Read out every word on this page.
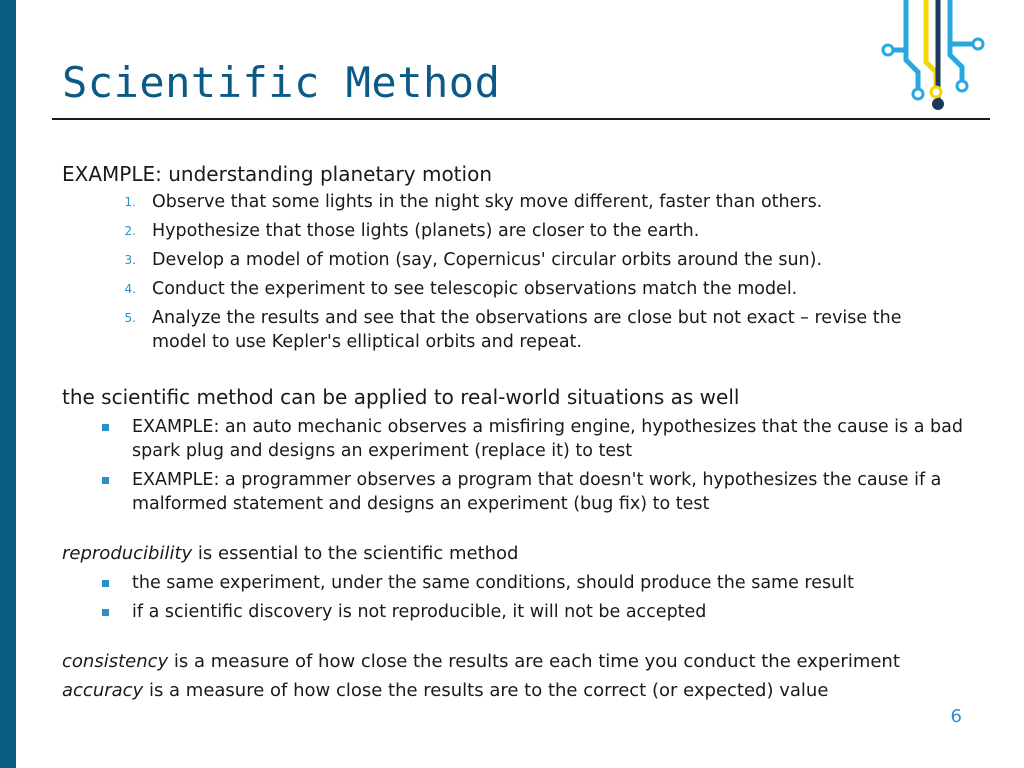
Scientific Method
EXAMPLE: understanding planetary motion
1. Observe that some lights in the night sky move different, faster than others.
2. Hypothesize that those lights (planets) are closer to the earth.
3. Develop a model of motion (say, Copernicus' circular orbits around the sun).
4. Conduct the experiment to see telescopic observations match the model.
5. Analyze the results and see that the observations are close but not exact – revise the model to use Kepler's elliptical orbits and repeat.
the scientific method can be applied to real-world situations as well
EXAMPLE: an auto mechanic observes a misfiring engine, hypothesizes that the cause is a bad spark plug and designs an experiment (replace it) to test
EXAMPLE: a programmer observes a program that doesn't work, hypothesizes the cause if a malformed statement and designs an experiment (bug fix) to test
reproducibility is essential to the scientific method
the same experiment, under the same conditions, should produce the same result
if a scientific discovery is not reproducible, it will not be accepted
consistency is a measure of how close the results are each time you conduct the experiment
accuracy is a measure of how close the results are to the correct (or expected) value
6
